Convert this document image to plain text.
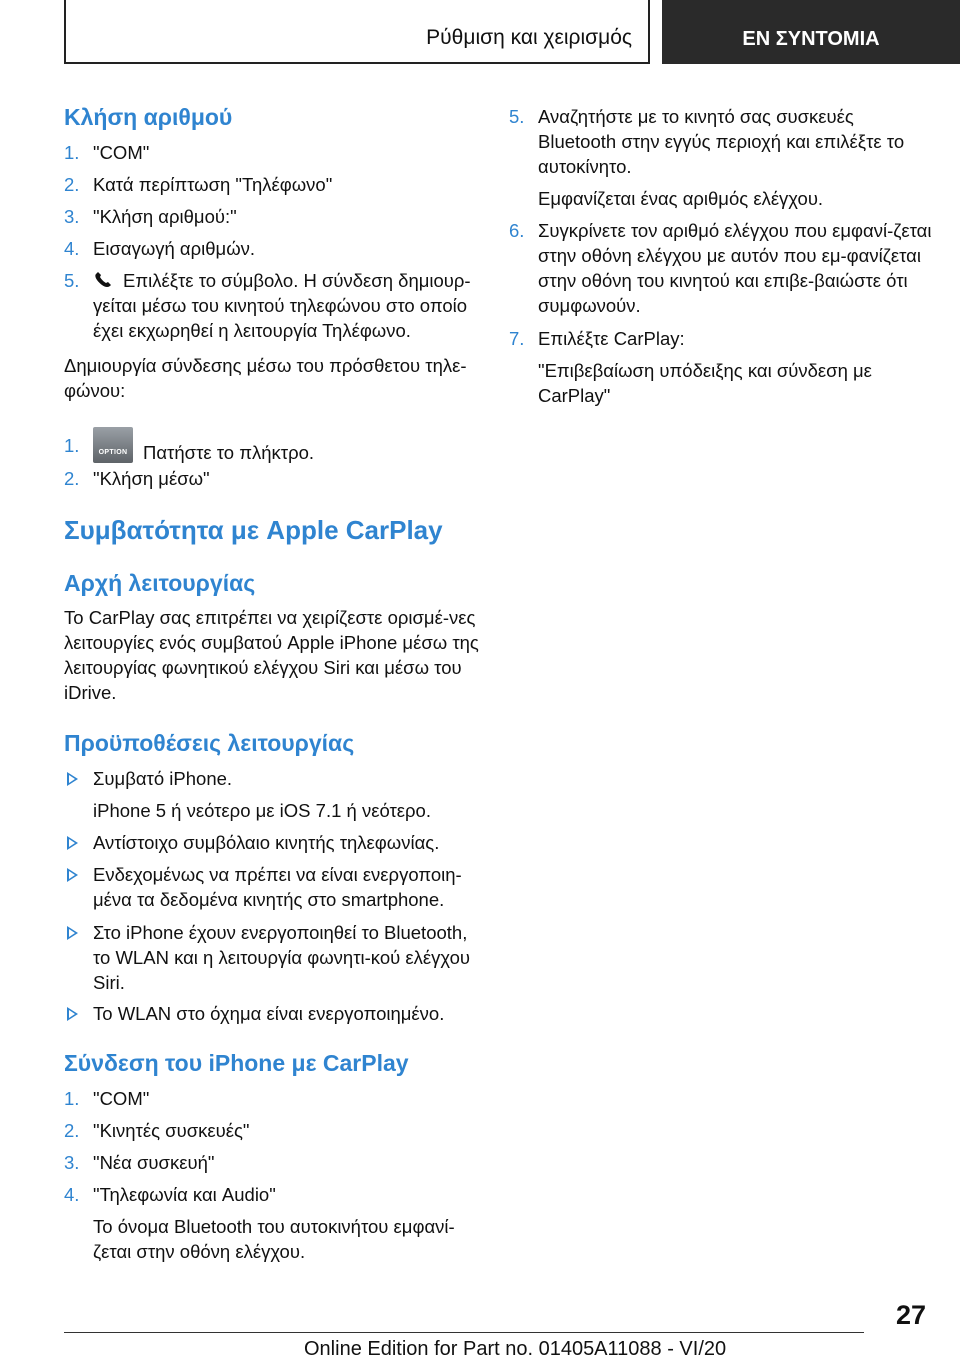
Ρύθμιση και χειρισμός	EN ΣΥΝΤΟΜΙΑ
Κλήση αριθμού
1. "COM"
2. Κατά περίπτωση "Τηλέφωνο"
3. "Κλήση αριθμού:"
4. Εισαγωγή αριθμών.
5.	Επιλέξτε το σύμβολο. Η σύνδεση δημιουρ-γείται μέσω του κινητού τηλεφώνου στο οποίο έχει εκχωρηθεί η λειτουργία Τηλέφωνο.
Δημιουργία σύνδεσης μέσω του πρόσθετου τηλε-φώνου:
1.	OPTION Πατήστε το πλήκτρο.
2. "Κλήση μέσω"
Συμβατότητα με Apple CarPlay
Αρχή λειτουργίας
Το CarPlay σας επιτρέπει να χειρίζεστε ορισμέ-νες λειτουργίες ενός συμβατού Apple iPhone μέσω της λειτουργίας φωνητικού ελέγχου Siri και μέσω του iDrive.
Προϋποθέσεις λειτουργίας
Συμβατό iPhone.
iPhone 5 ή νεότερο με iOS 7.1 ή νεότερο.
Αντίστοιχο συμβόλαιο κινητής τηλεφωνίας.
Ενδεχομένως να πρέπει να είναι ενεργοποιη-μένα τα δεδομένα κινητής στο smartphone.
Στο iPhone έχουν ενεργοποιηθεί το Bluetooth, το WLAN και η λειτουργία φωνητι-κού ελέγχου Siri.
Το WLAN στο όχημα είναι ενεργοποιημένο.
Σύνδεση του iPhone με CarPlay
1. "COM"
2. "Κινητές συσκευές"
3. "Νέα συσκευή"
4. "Τηλεφωνία και Audio"
Το όνομα Bluetooth του αυτοκινήτου εμφανί-ζεται στην οθόνη ελέγχου.
5. Αναζητήστε με το κινητό σας συσκευές Bluetooth στην εγγύς περιοχή και επιλέξτε το αυτοκίνητο.
Εμφανίζεται ένας αριθμός ελέγχου.
6. Συγκρίνετε τον αριθμό ελέγχου που εμφανί-ζεται στην οθόνη ελέγχου με αυτόν που εμ-φανίζεται στην οθόνη του κινητού και επιβε-βαιώστε ότι συμφωνούν.
7. Επιλέξτε CarPlay:
"Επιβεβαίωση υπόδειξης και σύνδεση με CarPlay"
27
Online Edition for Part no. 01405A11088 - VI/20
